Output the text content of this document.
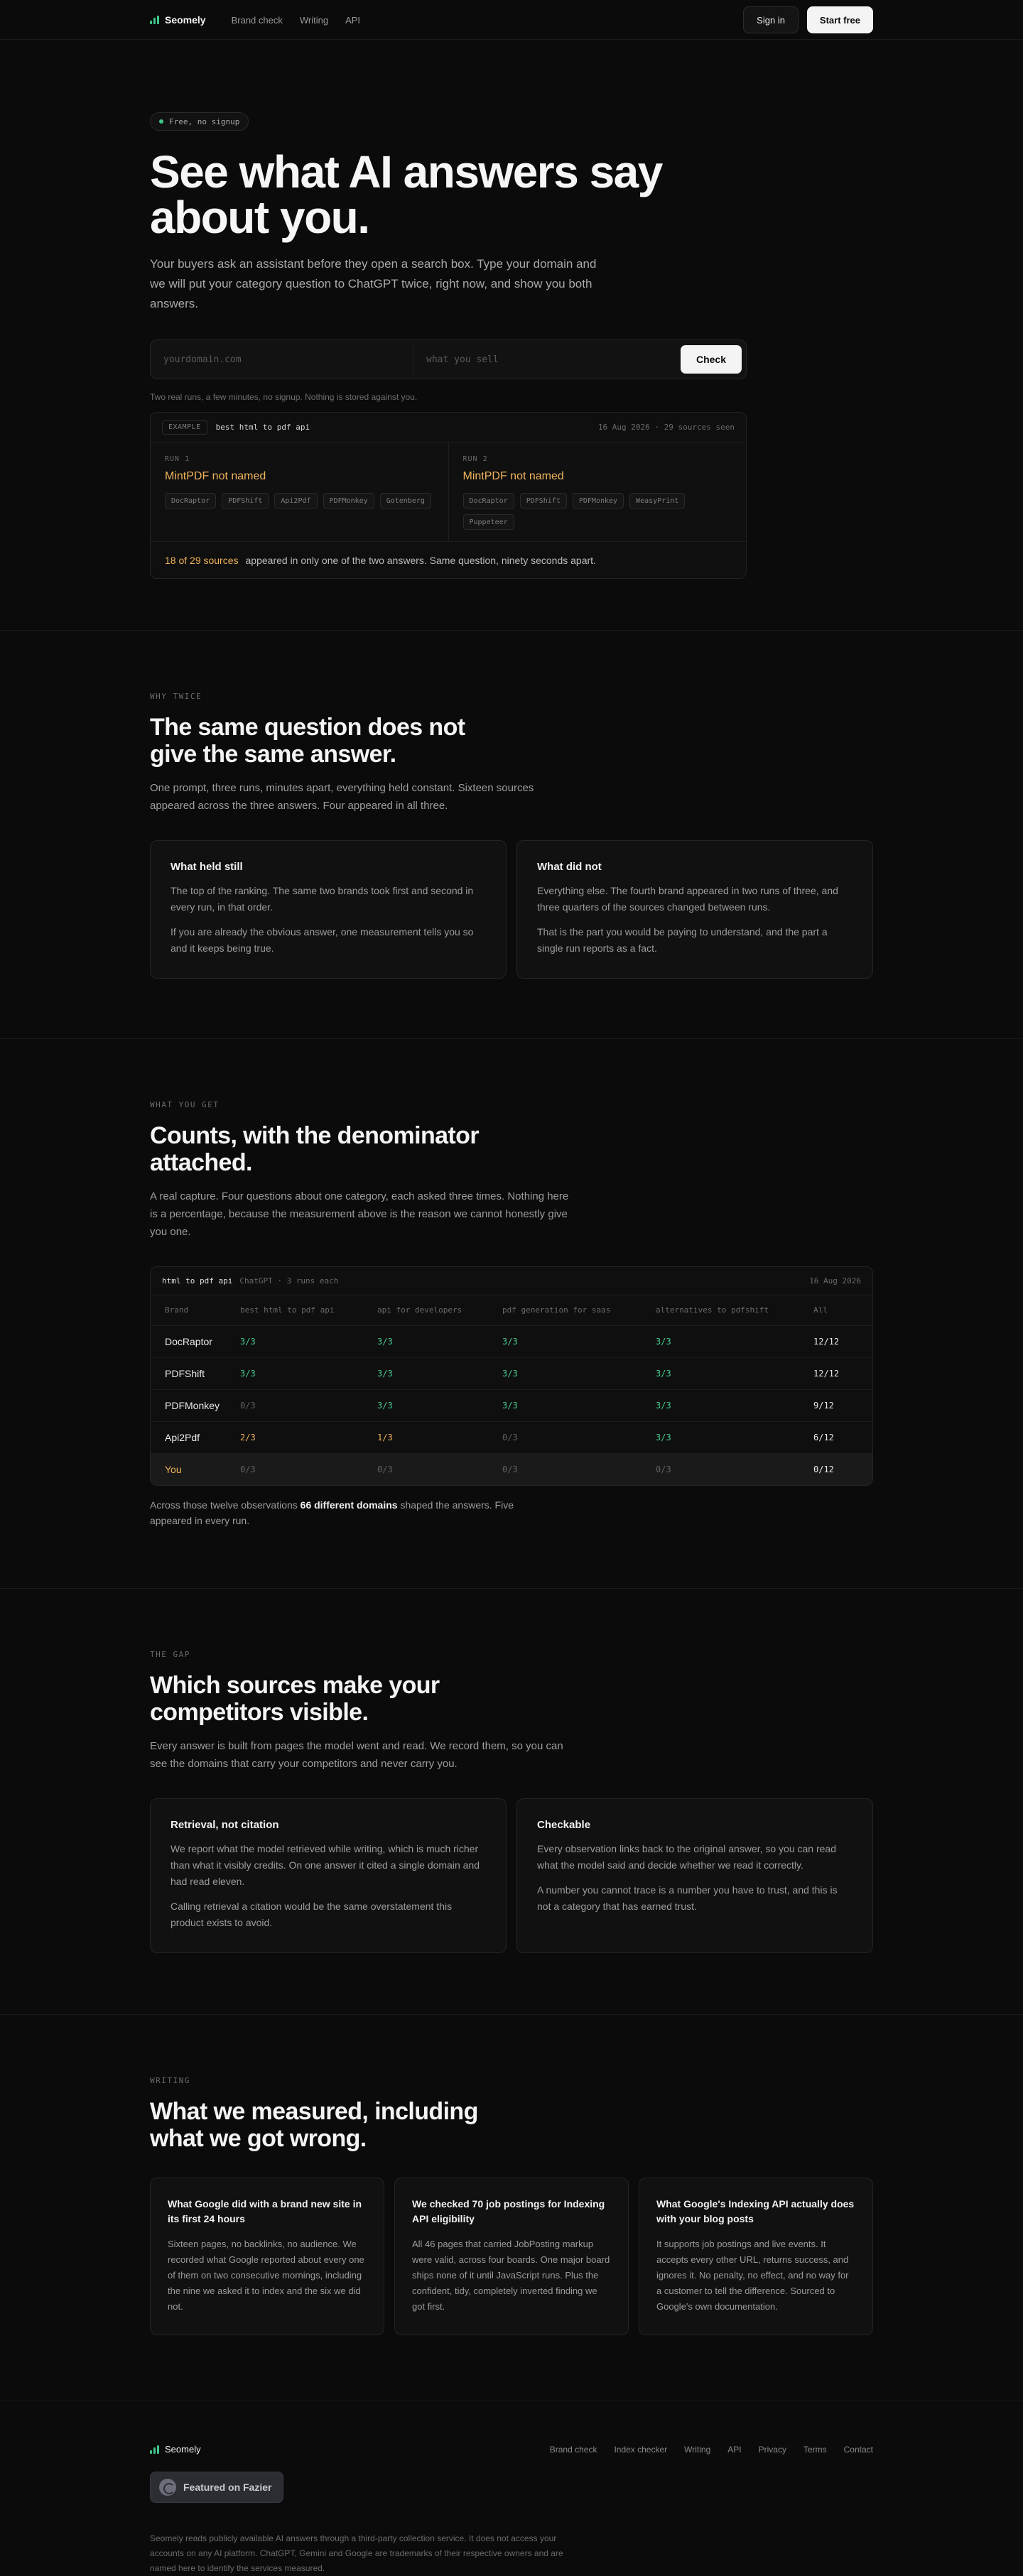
Seomely	Brand check Writing API	Sign in	Start free
Free, no signup
See what AI answers say about you.

Your buyers ask an assistant before they open a search box. Type your domain and we will put your category question to ChatGPT twice, right now, and show you both answers.

yourdomain.com
what you sell
Check

Two real runs, a few minutes, no signup. Nothing is stored against you.

EXAMPLE	best html to pdf api	16 Aug 2026 · 29 sources seen
RUN 1
MintPDF not named
DocRaptor	PDFShift	Api2Pdf	PDFMonkey	Gotenberg
RUN 2
MintPDF not named
DocRaptor	PDFShift	PDFMonkey	WeasyPrint
Puppeteer
18 of 29 sources appeared in only one of the two answers. Same question, ninety seconds apart.
WHY TWICE
The same question does not give the same answer.

One prompt, three runs, minutes apart, everything held constant. Sixteen sources appeared across the three answers. Four appeared in all three.

What held still

The top of the ranking. The same two brands took first and second in every run, in that order.

If you are already the obvious answer, one measurement tells you so and it keeps being true.

What did not

Everything else. The fourth brand appeared in two runs of three, and three quarters of the sources changed between runs.

That is the part you would be paying to understand, and the part a single run reports as a fact.

WHAT YOU GET
Counts, with the denominator attached.

A real capture. Four questions about one category, each asked three times. Nothing here is a percentage, because the measurement above is the reason we cannot honestly give you one.

html to pdf api ChatGPT · 3 runs each	16 Aug 2026
Brand	best html to pdf api	api for developers	pdf generation for saas	alternatives to pdfshift	All
DocRaptor	3/3	3/3	3/3	3/3	12/12
PDFShift	3/3	3/3	3/3	3/3	12/12
PDFMonkey	0/3	3/3	3/3	3/3	9/12
Api2Pdf	2/3	1/3	0/3	3/3	6/12
You	0/3	0/3	0/3	0/3	0/12

Across those twelve observations 66 different domains shaped the answers. Five appeared in every run.

THE GAP
Which sources make your competitors visible.

Every answer is built from pages the model went and read. We record them, so you can see the domains that carry your competitors and never carry you.

Retrieval, not citation

We report what the model retrieved while writing, which is much richer than what it visibly credits. On one answer it cited a single domain and had read eleven.

Calling retrieval a citation would be the same overstatement this product exists to avoid.

Checkable

Every observation links back to the original answer, so you can read what the model said and decide whether we read it correctly.

A number you cannot trace is a number you have to trust, and this is not a category that has earned trust.

WRITING
What we measured, including what we got wrong.
What Google did with a brand new site in its first 24 hours

Sixteen pages, no backlinks, no audience. We recorded what Google reported about every one of them on two consecutive mornings, including the nine we asked it to index and the six we did not.

We checked 70 job postings for Indexing API eligibility

All 46 pages that carried JobPosting markup were valid, across four boards. One major board ships none of it until JavaScript runs. Plus the confident, tidy, completely inverted finding we got first.

What Google's Indexing API actually does with your blog posts

It supports job postings and live events. It accepts every other URL, returns success, and ignores it. No penalty, no effect, and no way for a customer to tell the difference. Sourced to Google's own documentation.

Seomely	Brand check Index checker Writing API Privacy Terms Contact
Featured on Fazier

Seomely reads publicly available AI answers through a third-party collection service. It does not access your accounts on any AI platform. ChatGPT, Gemini and Google are trademarks of their respective owners and are named here to identify the services measured.
